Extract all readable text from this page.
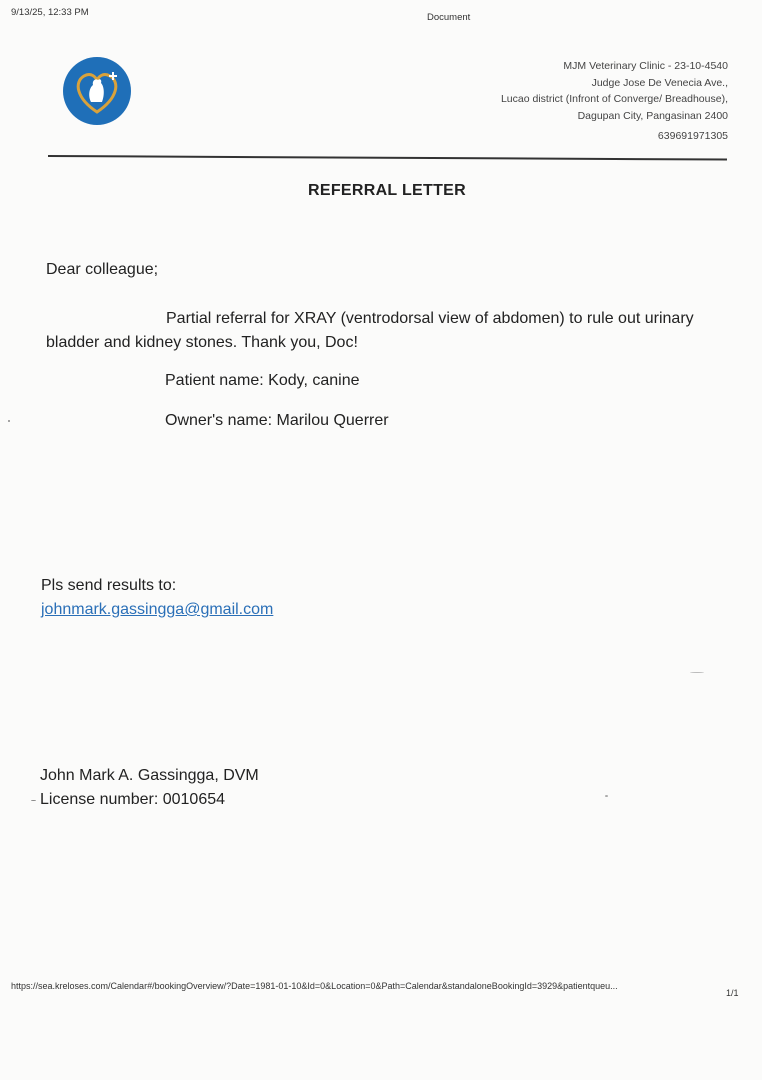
9/13/25, 12:33 PM	Document
MJM Veterinary Clinic - 23-10-4540
Judge Jose De Venecia Ave.,
Lucao district (Infront of Converge/ Breadhouse),
Dagupan City, Pangasinan 2400
639691971305
REFERRAL LETTER
Dear colleague;
Partial referral for XRAY (ventrodorsal view of abdomen) to rule out urinary bladder and kidney stones. Thank you, Doc!
Patient name: Kody, canine
Owner's name: Marilou Querrer
Pls send results to:
johnmark.gassingga@gmail.com
John Mark A. Gassingga, DVM
License number: 0010654
https://sea.kreloses.com/Calendar#/bookingOverview/?Date=1981-01-10&Id=0&Location=0&Path=Calendar&standaloneBookingId=3929&patientqueu...
1/1
